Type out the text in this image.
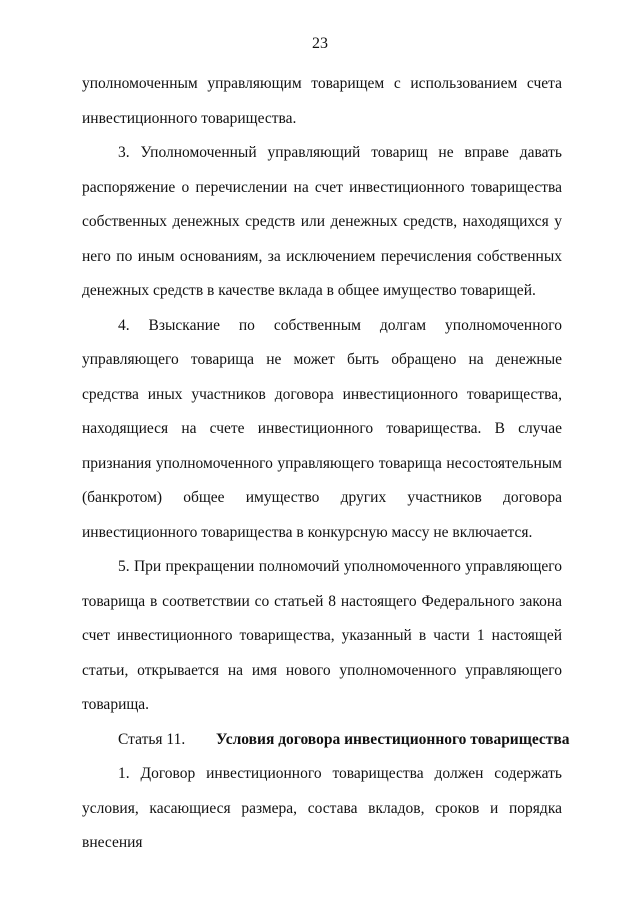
23

уполномоченным управляющим товарищем с использованием счета инвестиционного товарищества.

3. Уполномоченный управляющий товарищ не вправе давать распоряжение о перечислении на счет инвестиционного товарищества собственных денежных средств или денежных средств, находящихся у него по иным основаниям, за исключением перечисления собственных денежных средств в качестве вклада в общее имущество товарищей.

4. Взыскание по собственным долгам уполномоченного управляющего товарища не может быть обращено на денежные средства иных участников договора инвестиционного товарищества, находящиеся на счете инвестиционного товарищества. В случае признания уполномоченного управляющего товарища несостоятельным (банкротом) общее имущество других участников договора инвестиционного товарищества в конкурсную массу не включается.

5. При прекращении полномочий уполномоченного управляющего товарища в соответствии со статьей 8 настоящего Федерального закона счет инвестиционного товарищества, указанный в части 1 настоящей статьи, открывается на имя нового уполномоченного управляющего товарища.

Статья 11. Условия договора инвестиционного товарищества

1. Договор инвестиционного товарищества должен содержать условия, касающиеся размера, состава вкладов, сроков и порядка внесения
